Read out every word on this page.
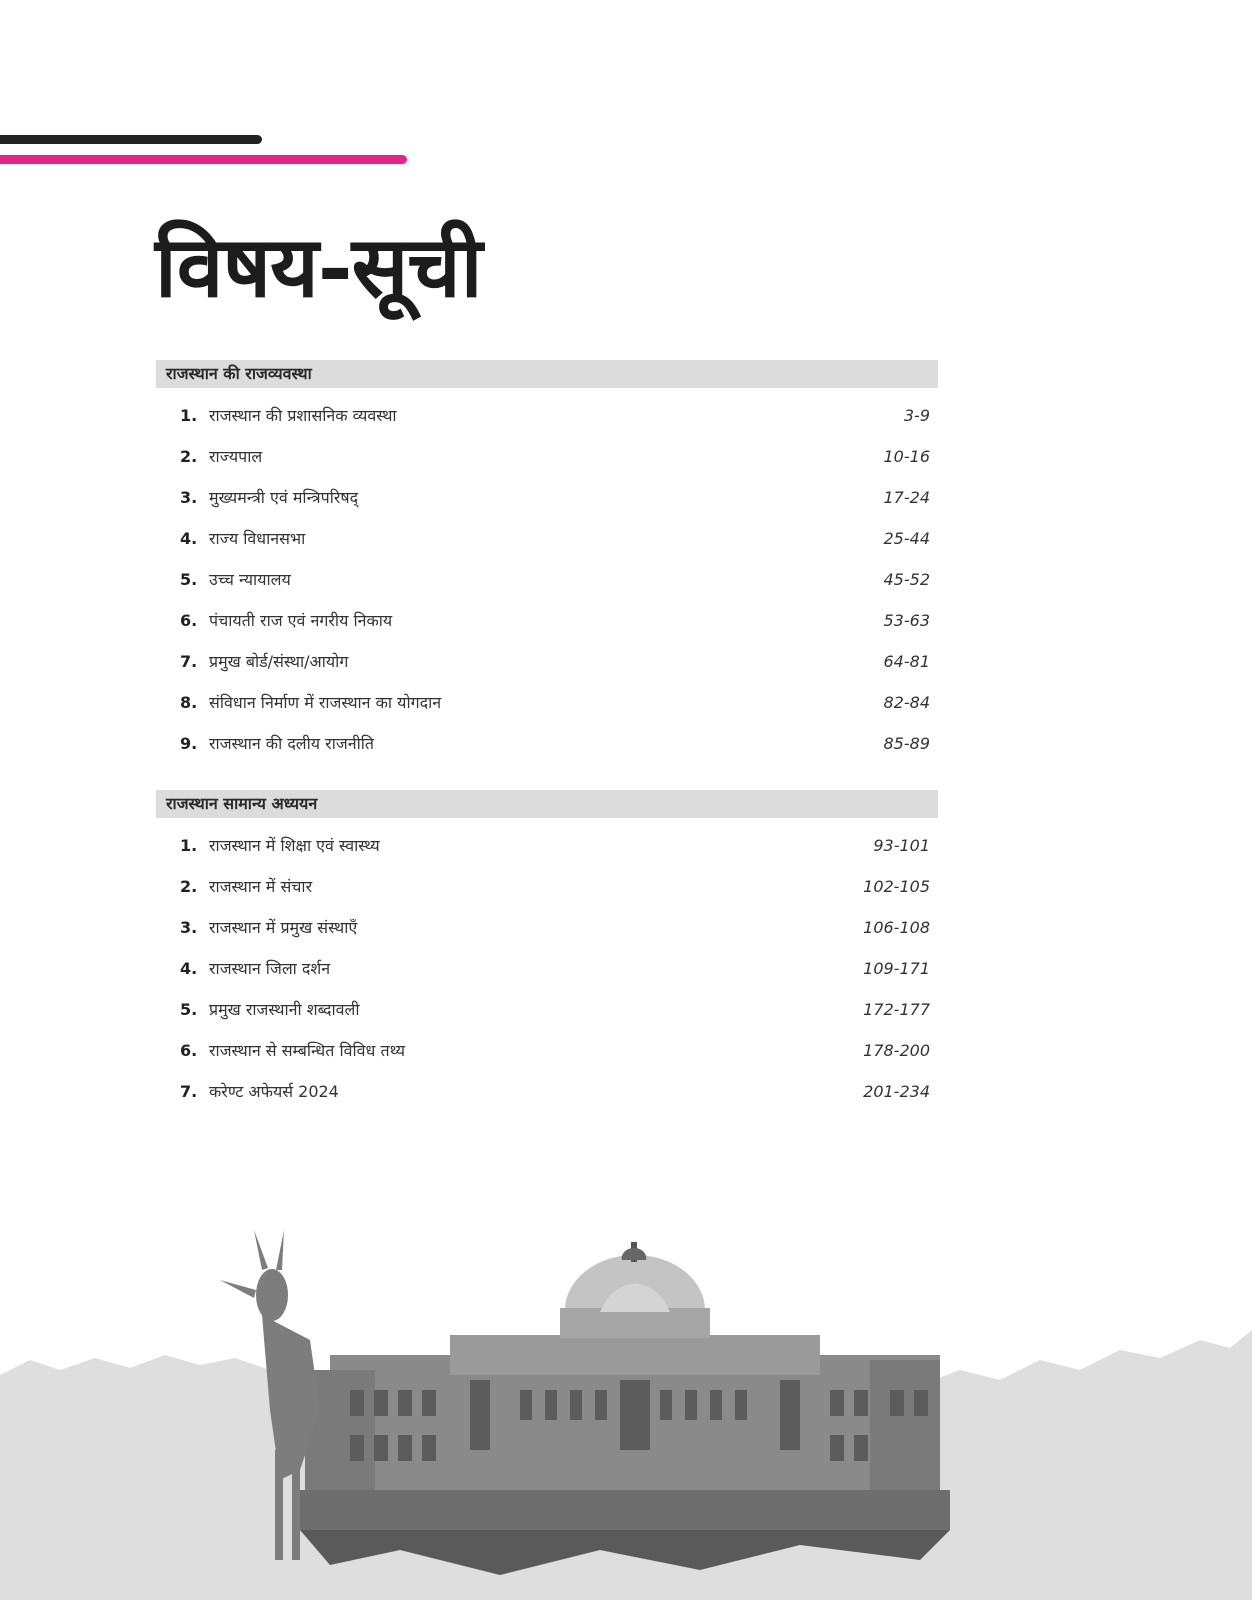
विषय-सूची
राजस्थान की राजव्यवस्था
1. राजस्थान की प्रशासनिक व्यवस्था	3-9
2. राज्यपाल	10-16
3. मुख्यमन्त्री एवं मन्त्रिपरिषद्	17-24
4. राज्य विधानसभा	25-44
5. उच्च न्यायालय	45-52
6. पंचायती राज एवं नगरीय निकाय	53-63
7. प्रमुख बोर्ड/संस्था/आयोग	64-81
8. संविधान निर्माण में राजस्थान का योगदान	82-84
9. राजस्थान की दलीय राजनीति	85-89
राजस्थान सामान्य अध्ययन
1. राजस्थान में शिक्षा एवं स्वास्थ्य	93-101
2. राजस्थान में संचार	102-105
3. राजस्थान में प्रमुख संस्थाएँ	106-108
4. राजस्थान जिला दर्शन	109-171
5. प्रमुख राजस्थानी शब्दावली	172-177
6. राजस्थान से सम्बन्धित विविध तथ्य	178-200
7. करेण्ट अफेयर्स 2024	201-234
